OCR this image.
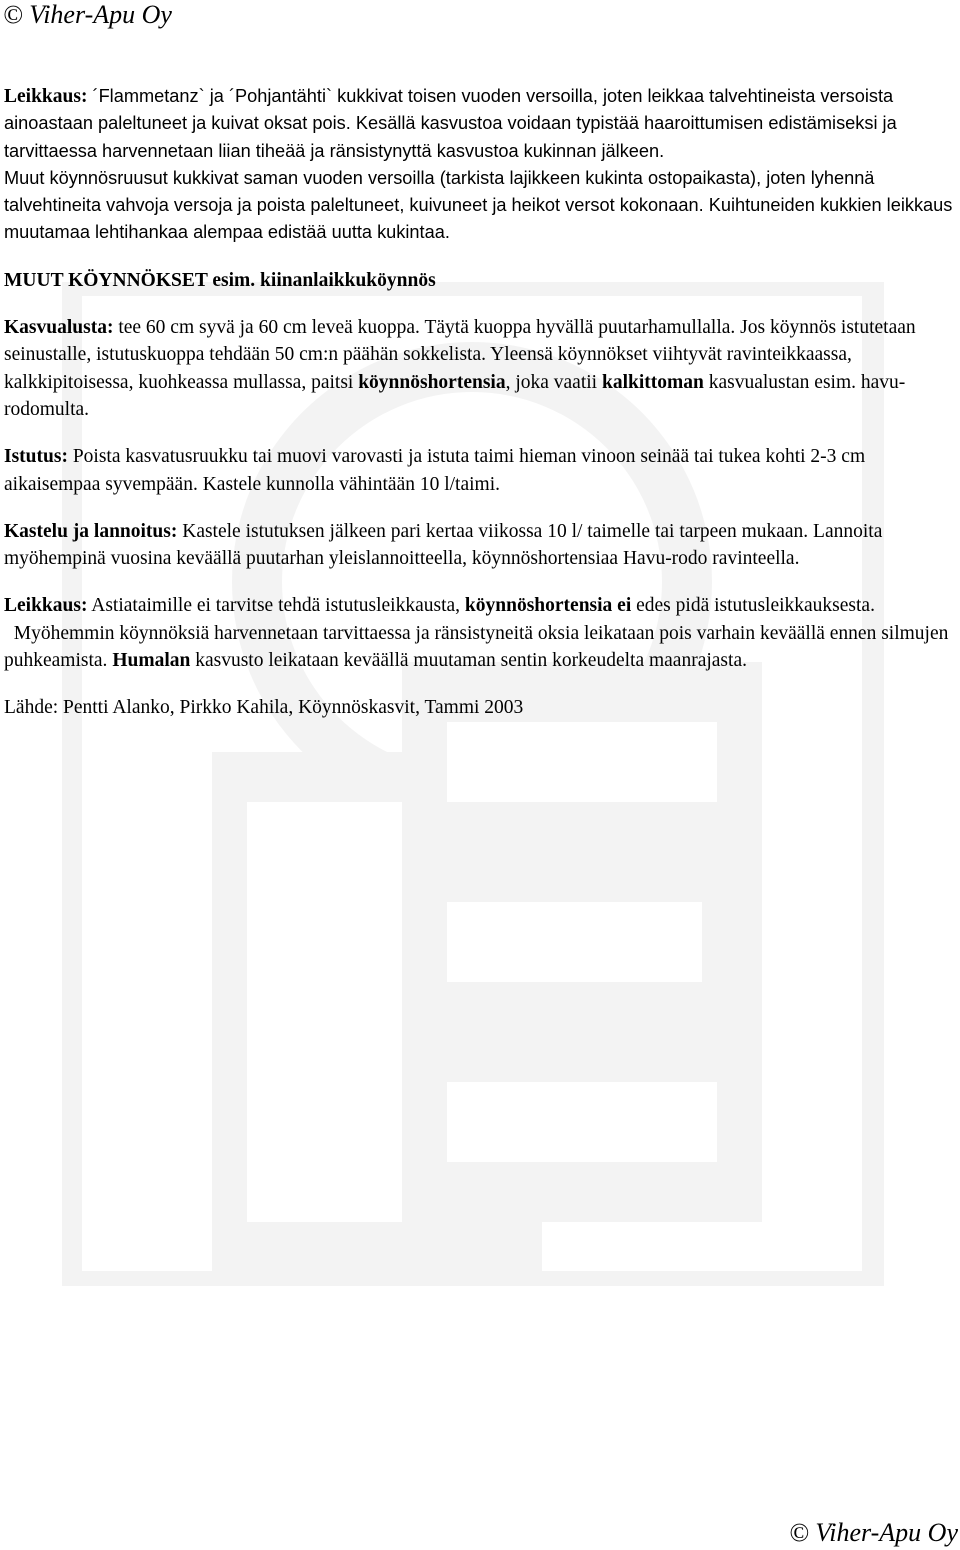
© Viher-Apu Oy

Leikkaus: ´Flammetanz` ja ´Pohjantähti` kukkivat toisen vuoden versoilla, joten leikkaa talvehtineista versoista ainoastaan paleltuneet ja kuivat oksat pois. Kesällä kasvustoa voidaan typistää haaroittumisen edistämiseksi ja tarvittaessa harvennetaan liian tiheää ja ränsistynyttä kasvustoa kukinnan jälkeen.

Muut köynnösruusut kukkivat saman vuoden versoilla (tarkista lajikkeen kukinta ostopaikasta), joten lyhennä talvehtineita vahvoja versoja ja poista paleltuneet, kuivuneet ja heikot versot kokonaan. Kuihtuneiden kukkien leikkaus muutamaa lehtihankaa alempaa edistää uutta kukintaa.

MUUT KÖYNNÖKSET esim. kiinanlaikkuköynnös

Kasvualusta: tee 60 cm syvä ja 60 cm leveä kuoppa. Täytä kuoppa hyvällä puutarhamullalla. Jos köynnös istutetaan seinustalle, istutuskuoppa tehdään 50 cm:n päähän sokkelista. Yleensä köynnökset viihtyvät ravinteikkaassa, kalkkipitoisessa, kuohkeassa mullassa, paitsi köynnöshortensia, joka vaatii kalkittoman kasvualustan esim. havu-rodomulta.

Istutus: Poista kasvatusruukku tai muovi varovasti ja istuta taimi hieman vinoon seinää tai tukea kohti 2-3 cm aikaisempaa syvempään. Kastele kunnolla vähintään 10 l/taimi.

Kastelu ja lannoitus: Kastele istutuksen jälkeen pari kertaa viikossa 10 l/ taimelle tai tarpeen mukaan. Lannoita myöhempinä vuosina keväällä puutarhan yleislannoitteella, köynnöshortensiaa Havu-rodo ravinteella.

Leikkaus: Astiataimille ei tarvitse tehdä istutusleikkausta, köynnöshortensia ei edes pidä istutusleikkauksesta.

Myöhemmin köynnöksiä harvennetaan tarvittaessa ja ränsistyneitä oksia leikataan pois varhain keväällä ennen silmujen puhkeamista. Humalan kasvusto leikataan keväällä muutaman sentin korkeudelta maanrajasta.

Lähde: Pentti Alanko, Pirkko Kahila, Köynnöskasvit, Tammi 2003

© Viher-Apu Oy
